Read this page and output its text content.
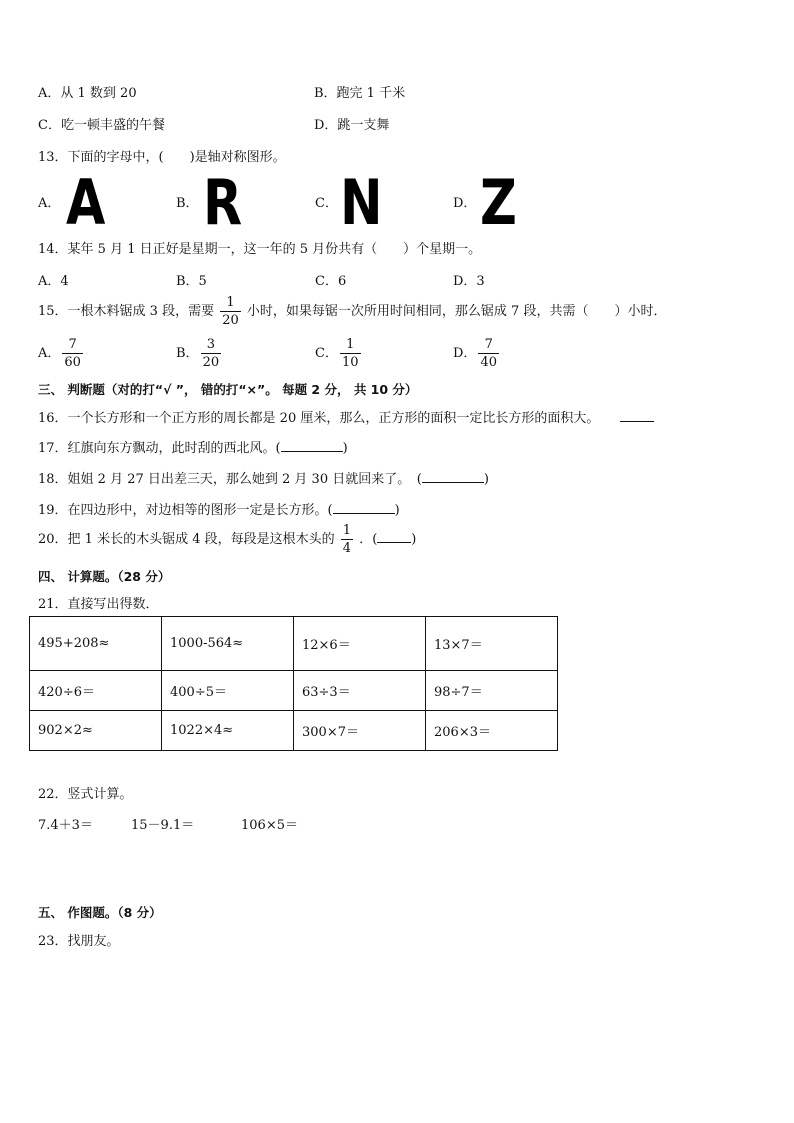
A．从 1 数到 20	B．跑完 1 千米
C．吃一顿丰盛的午餐	D．跳一支舞
13．下面的字母中，(　　)是轴对称图形。
A． A	B． R	C． N	D． Z
14．某年 5 月 1 日正好是星期一，这一年的 5 月份共有（　　）个星期一。
A．4	B．5	C．6	D．3
15．一根木料锯成 3 段，需要 $\frac{1}{20}$ 小时，如果每锯一次所用时间相同，那么锯成 7 段，共需（　　）小时．
A． $\frac{7}{60}$	B． $\frac{3}{20}$	C． $\frac{1}{10}$	D． $\frac{7}{40}$
三、 判断题（对的打“√ ”， 错的打“×”。 每题 2 分， 共 10 分）
16．一个长方形和一个正方形的周长都是 20 厘米，那么，正方形的面积一定比长方形的面积大。
17．红旗向东方飘动，此时刮的西北风。(	)
18．姐姐 2 月 27 日出差三天，那么她到 2 月 30 日就回来了。　(	)
19．在四边形中，对边相等的图形一定是长方形。(	)
20．把 1 米长的木头锯成 4 段，每段是这根木头的 $\frac{1}{4}$ ．(	)
四、 计算题。（28 分）
21．直接写出得数．
495+208≈	1000-564≈	12×6＝	13×7＝
420÷6＝	400÷5＝	63÷3＝	98÷7＝
902×2≈	1022×4≈	300×7＝	206×3＝
22．竖式计算。
7.4＋3＝	15－9.1＝	106×5＝
五、 作图题。（8 分）
23．找朋友。
